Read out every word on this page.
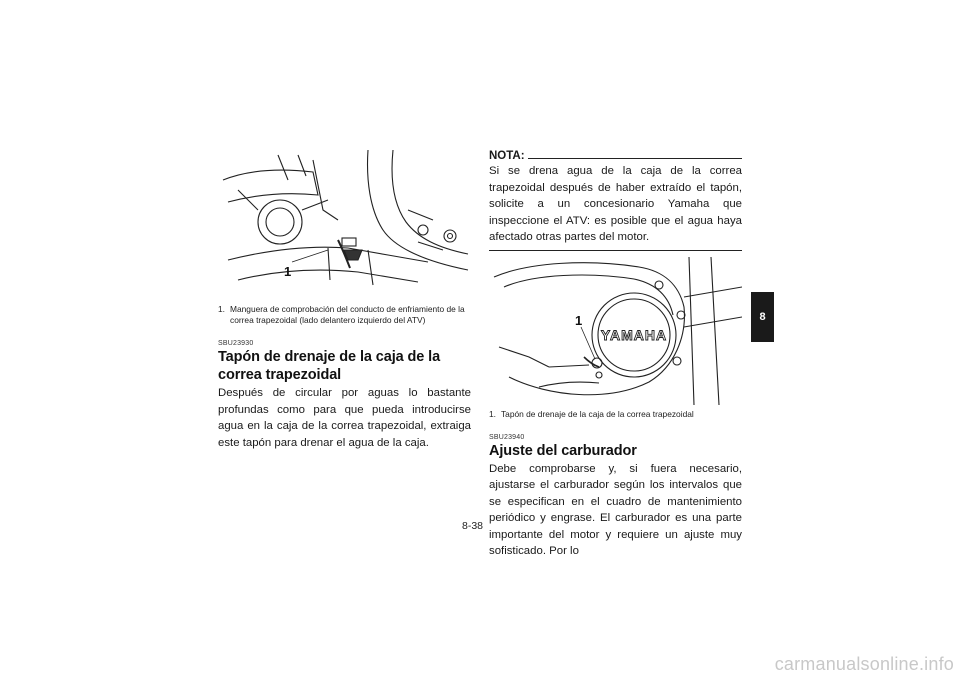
1
1. Manguera de comprobación del conducto de enfriamiento de la correa trapezoidal (lado delantero izquierdo del ATV)
SBU23930
Tapón de drenaje de la caja de la correa trapezoidal
Después de circular por aguas lo bastante profundas como para que pueda introducirse agua en la caja de la correa trapezoidal, extraiga este tapón para drenar el agua de la caja.
NOTA:
Si se drena agua de la caja de la correa trapezoidal después de haber extraído el tapón, solicite a un concesionario Yamaha que inspeccione el ATV: es posible que el agua haya afectado otras partes del motor.
YAMAHA
1
1. Tapón de drenaje de la caja de la correa trapezoidal
SBU23940
Ajuste del carburador
Debe comprobarse y, si fuera necesario, ajustarse el carburador según los intervalos que se especifican en el cuadro de mantenimiento periódico y engrase. El carburador es una parte importante del motor y requiere un ajuste muy sofisticado. Por lo
8
8-38
carmanualsonline.info
